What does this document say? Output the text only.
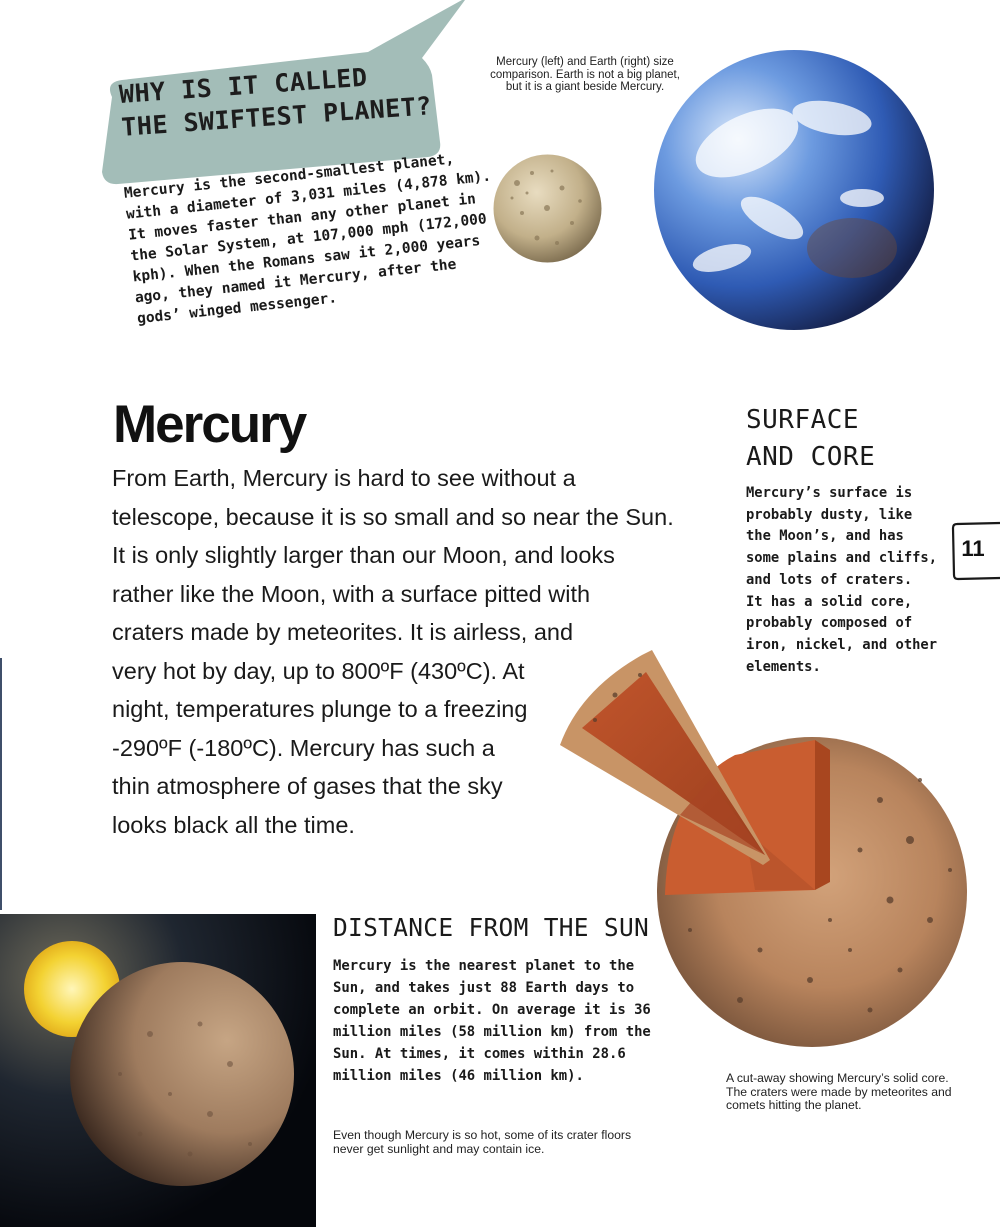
WHY IS IT CALLED
THE SWIFTEST PLANET?
Mercury is the second-smallest planet, with a diameter of 3,031 miles (4,878 km). It moves faster than any other planet in the Solar System, at 107,000 mph (172,000 kph). When the Romans saw it 2,000 years ago, they named it Mercury, after the gods’ winged messenger.
Mercury (left) and Earth (right) size comparison. Earth is not a big planet, but it is a giant beside Mercury.
Mercury
From Earth, Mercury is hard to see without a
telescope, because it is so small and so near the Sun.
It is only slightly larger than our Moon, and looks
rather like the Moon, with a surface pitted with
craters made by meteorites. It is airless, and
very hot by day, up to 800ºF (430ºC). At
night, temperatures plunge to a freezing
-290ºF (-180ºC). Mercury has such a
thin atmosphere of gases that the sky
looks black all the time.
SURFACE
AND CORE
Mercury’s surface is
probably dusty, like
the Moon’s, and has
some plains and cliffs,
and lots of craters.
It has a solid core,
probably composed of
iron, nickel, and other
elements.
11
A cut-away showing Mercury’s solid core. The craters were made by meteorites and comets hitting the planet.
DISTANCE FROM THE SUN
Mercury is the nearest planet to the
Sun, and takes just 88 Earth days to
complete an orbit. On average it is 36
million miles (58 million km) from the
Sun. At times, it comes within 28.6
million miles (46 million km).
Even though Mercury is so hot, some of its crater floors never get sunlight and may contain ice.
